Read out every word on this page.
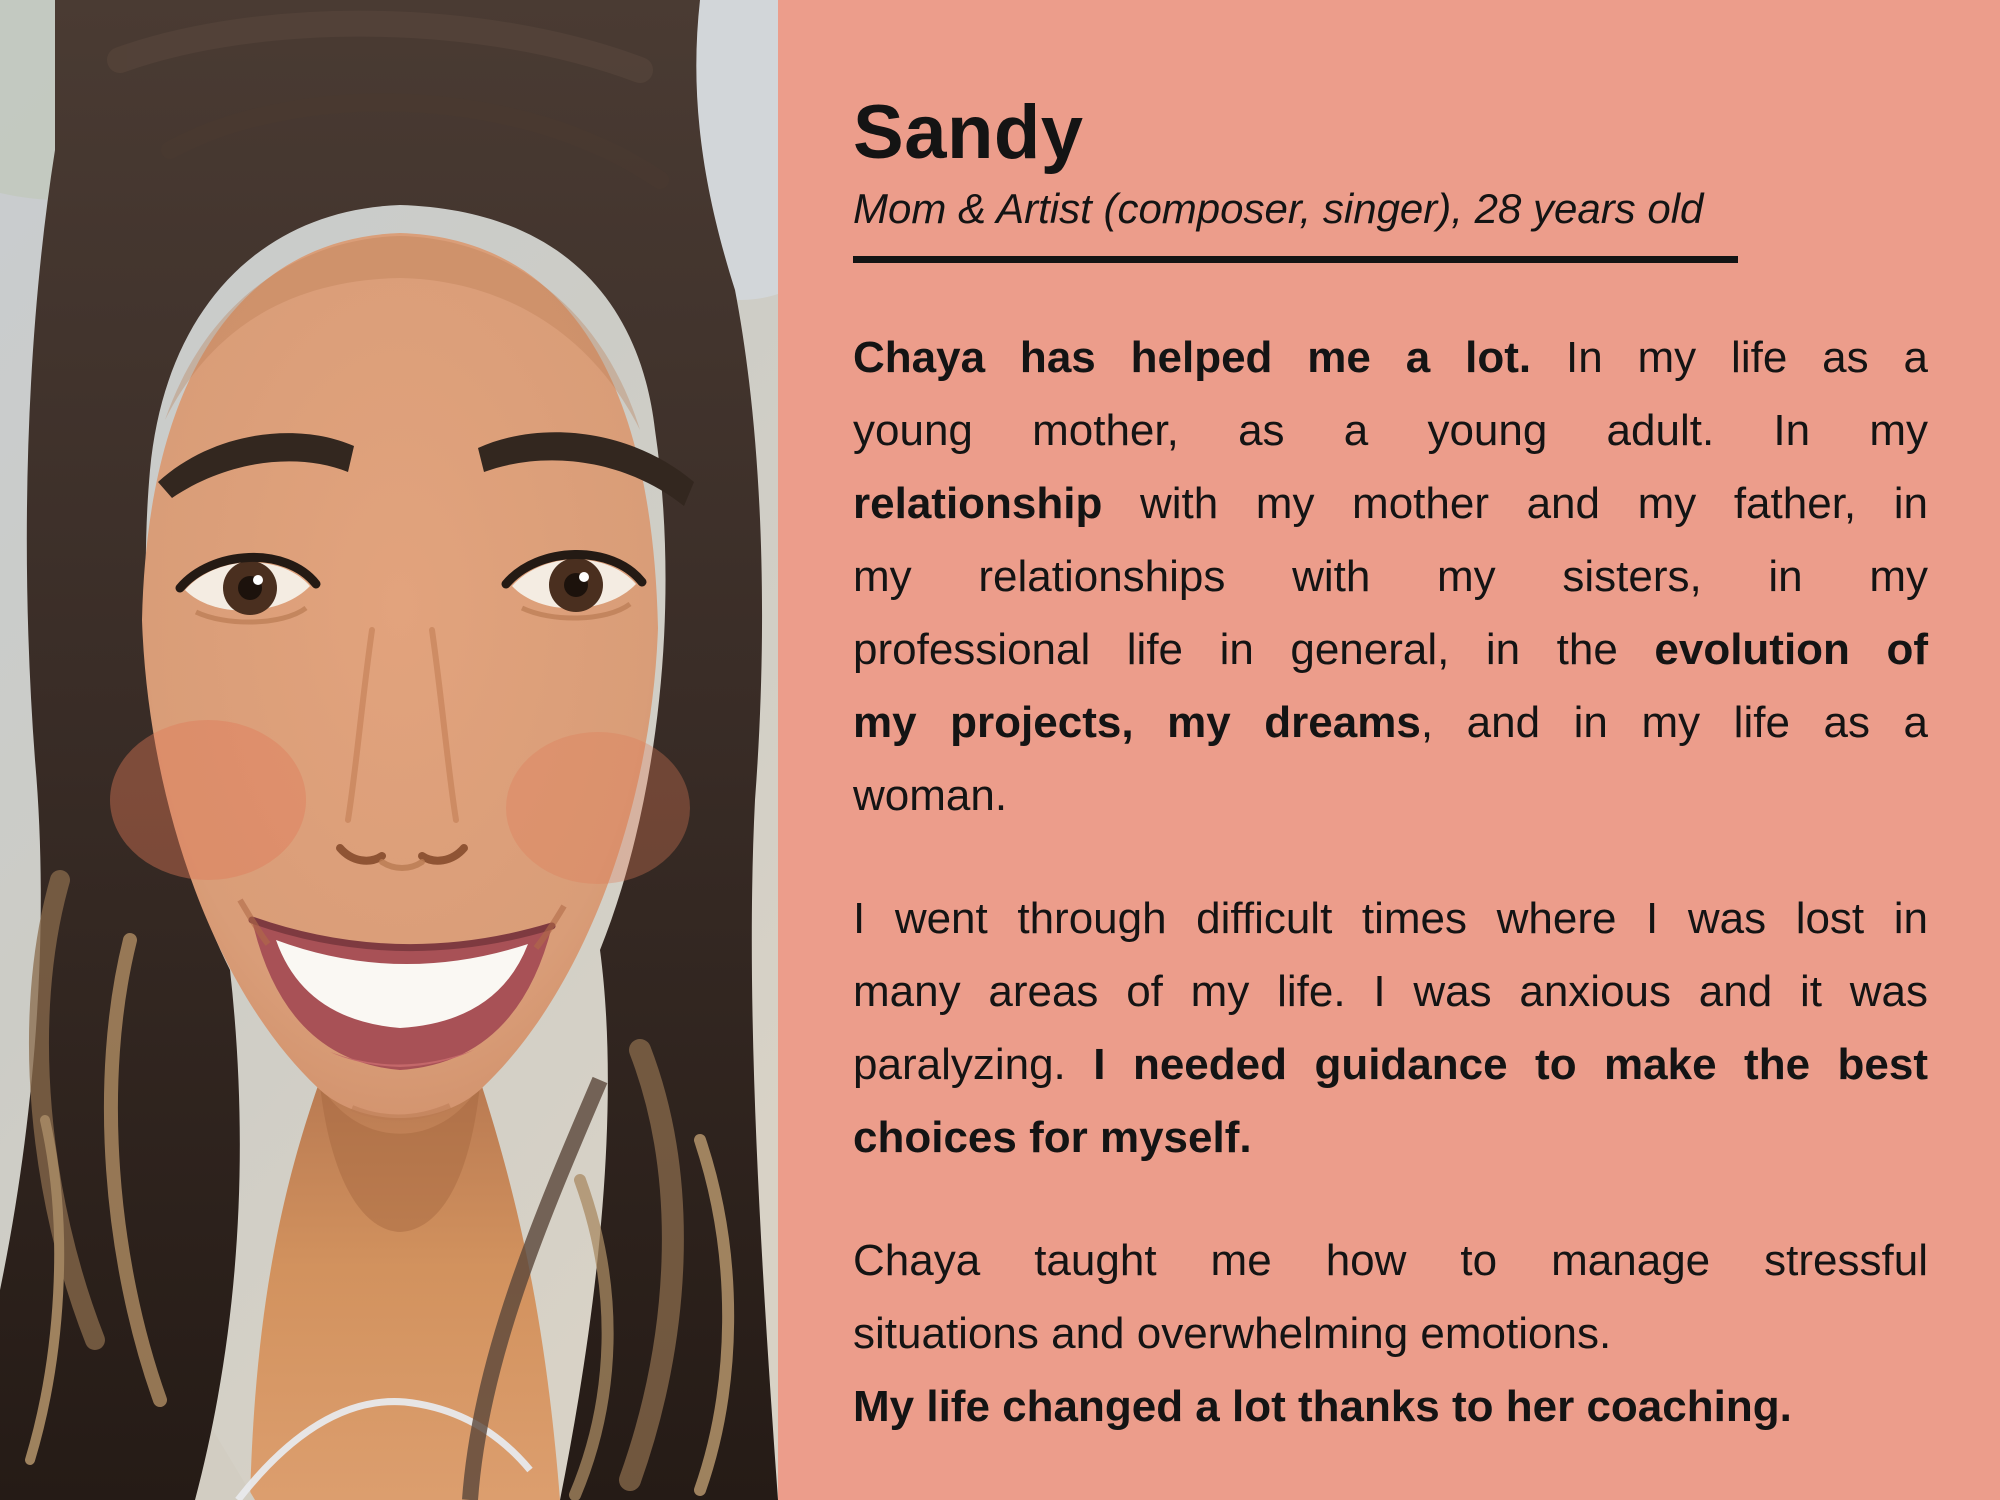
Sandy

Mom & Artist (composer, singer), 28 years old

Chaya has helped me a lot. In my life as a
young mother, as a young adult. In my
relationship with my mother and my father, in
my relationships with my sisters, in my
professional life in general, in the evolution of
my projects, my dreams, and in my life as a
woman.
I went through difficult times where I was lost in
many areas of my life. I was anxious and it was
paralyzing. I needed guidance to make the best
choices for myself.
Chaya taught me how to manage stressful
situations and overwhelming emotions.
My life changed a lot thanks to her coaching.
